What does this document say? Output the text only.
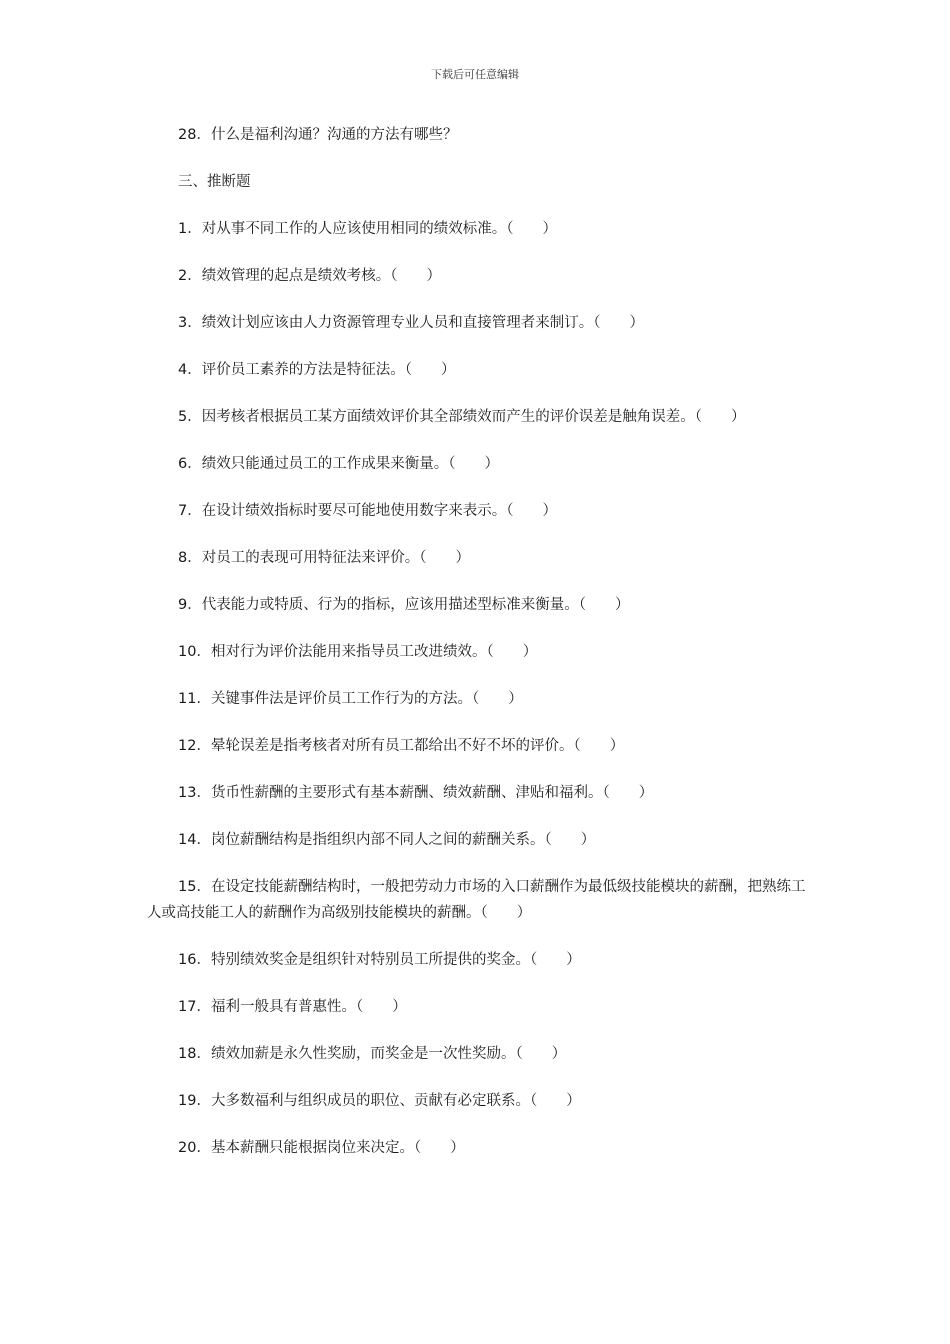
下载后可任意编辑

28．什么是福利沟通？沟通的方法有哪些？

三、推断题

1．对从事不同工作的人应该使用相同的绩效标准。（　　）

2．绩效管理的起点是绩效考核。（　　）

3．绩效计划应该由人力资源管理专业人员和直接管理者来制订。（　　）

4．评价员工素养的方法是特征法。（　　）

5．因考核者根据员工某方面绩效评价其全部绩效而产生的评价误差是触角误差。（　　）

6．绩效只能通过员工的工作成果来衡量。（　　）

7．在设计绩效指标时要尽可能地使用数字来表示。（　　）

8．对员工的表现可用特征法来评价。（　　）

9．代表能力或特质、行为的指标，应该用描述型标准来衡量。（　　）

10．相对行为评价法能用来指导员工改进绩效。（　　）

11．关键事件法是评价员工工作行为的方法。（　　）

12．晕轮误差是指考核者对所有员工都给出不好不坏的评价。（　　）

13．货币性薪酬的主要形式有基本薪酬、绩效薪酬、津贴和福利。（　　）

14．岗位薪酬结构是指组织内部不同人之间的薪酬关系。（　　）

15．在设定技能薪酬结构时，一般把劳动力市场的入口薪酬作为最低级技能模块的薪酬，把熟练工人或高技能工人的薪酬作为高级别技能模块的薪酬。（　　）

16．特别绩效奖金是组织针对特别员工所提供的奖金。（　　）

17．福利一般具有普惠性。（　　）

18．绩效加薪是永久性奖励，而奖金是一次性奖励。（　　）

19．大多数福利与组织成员的职位、贡献有必定联系。（　　）

20．基本薪酬只能根据岗位来决定。（　　）
